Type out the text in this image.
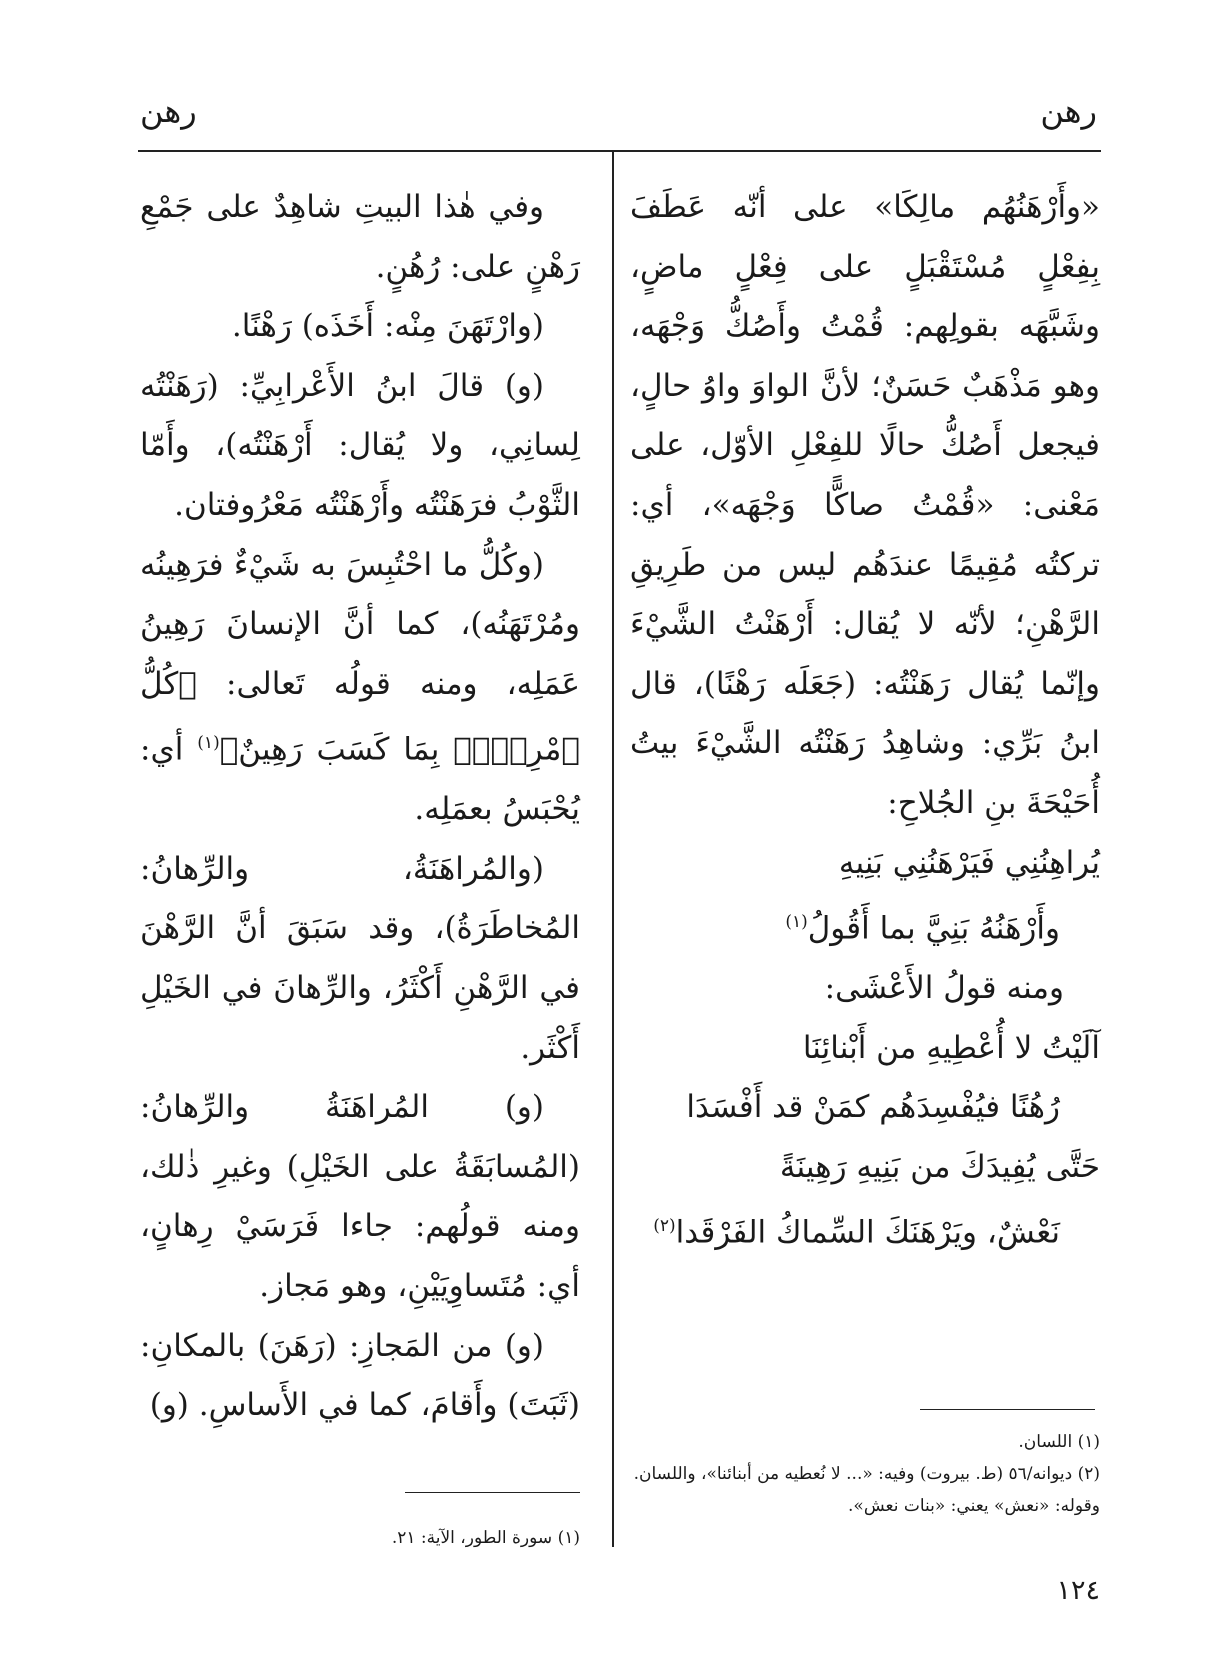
رهن
رهن

«وأَرْهَنُهُم مالِكَا» على أنّه عَطَفَ بِفِعْلٍ مُسْتَقْبَلٍ على فِعْلٍ ماضٍ، وشَبَّهَه بقولِهم: قُمْتُ وأَصُكُّ وَجْهَه، وهو مَذْهَبٌ حَسَنٌ؛ لأنَّ الواوَ واوُ حالٍ، فيجعل أَصُكُّ حالًا للفِعْلِ الأوّل، على مَعْنى: «قُمْتُ صاكًّا وَجْهَه»، أي: تركتُه مُقِيمًا عندَهُم ليس من طَرِيقِ الرَّهْنِ؛ لأنّه لا يُقال: أَرْهَنْتُ الشَّيْءَ وإنّما يُقال رَهَنْتُه: (جَعَلَه رَهْنًا)، قال ابنُ بَرِّي: وشاهِدُ رَهَنْتُه الشَّيْءَ بيتُ أُحَيْحَةَ بنِ الجُلاحِ:

يُراهِنُنِي فَيَرْهَنُنِي بَنِيهِ

وأَرْهَنُهُ بَنِيَّ بما أَقُولُ$^{(١)}$

ومنه قولُ الأَعْشَى:

آلَيْتُ لا أُعْطِيهِ من أَبْنائِنَا

رُهُنًا فيُفْسِدَهُم كمَنْ قد أَفْسَدَا

حَتَّى يُفِيدَكَ من بَنِيهِ رَهِينَةً

نَعْشٌ، ويَرْهَنَكَ السِّماكُ الفَرْقَدا$^{(٢)}$

وفي هٰذا البيتِ شاهِدٌ على جَمْعِ رَهْنٍ على: رُهُنٍ.

(وارْتَهَنَ مِنْه: أَخَذَه) رَهْنًا.

(و) قالَ ابنُ الأَعْرابِيِّ: (رَهَنْتُه لِسانِي، ولا يُقال: أَرْهَنْتُه)، وأَمّا الثَّوْبُ فرَهَنْتُه وأَرْهَنْتُه مَعْرُوفتان.

(وكُلُّ ما احْتُبِسَ به شَيْءٌ فرَهِينُه ومُرْتَهَنُه)، كما أنَّ الإنسانَ رَهِينُ عَمَلِه، ومنه قولُه تَعالى: ﴿كُلُّ ٱمْرِيِٕۭ بِمَا كَسَبَ رَهِينٌ﴾$^{(١)}$ أي: يُحْبَسُ بعمَلِه.

(والمُراهَنَةُ، والرِّهانُ: المُخاطَرَةُ)، وقد سَبَقَ أنَّ الرَّهْنَ في الرَّهْنِ أَكْثَرُ، والرِّهانَ في الخَيْلِ أَكْثَر.

(و) المُراهَنَةُ والرِّهانُ: (المُسابَقَةُ على الخَيْلِ) وغيرِ ذٰلك، ومنه قولُهم: جاءا فَرَسَيْ رِهانٍ، أي: مُتَساوِيَيْنِ، وهو مَجاز.

(و) من المَجازِ: (رَهَنَ) بالمكانِ: (ثَبَتَ) وأَقامَ، كما في الأَساسِ. (و)

(١) اللسان.

(٢) ديوانه/٥٦ (ط. بيروت) وفيه: «... لا نُعطيه من أبنائنا»، واللسان. وقوله: «نعش» يعني: «بنات نعش».

(١) سورة الطور، الآية: ٢١.

١٢٤
